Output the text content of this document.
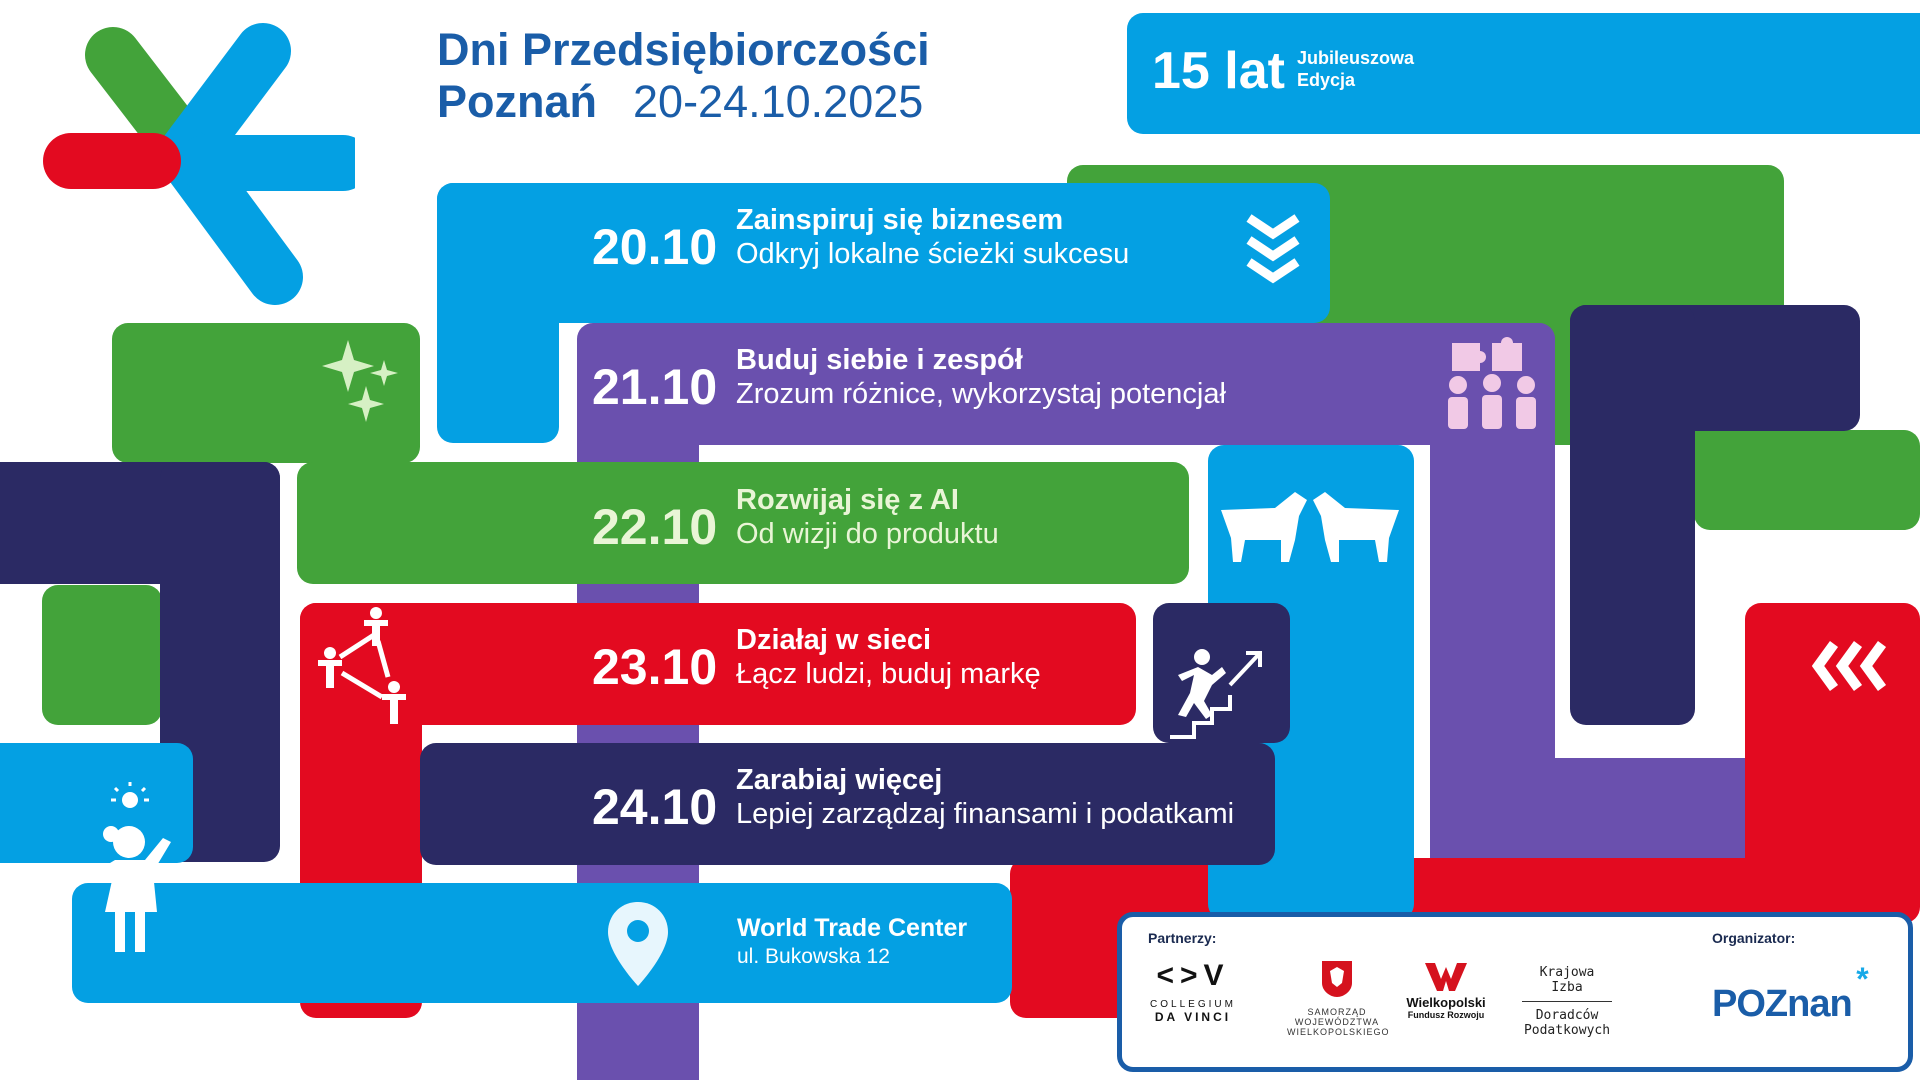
Dni Przedsiębiorczości
Poznań 20-24.10.2025
15 lat Jubileuszowa
Edycja
20.10 Zainspiruj się biznesem
Odkryj lokalne ścieżki sukcesu
21.10 Buduj siebie i zespół
Zrozum różnice, wykorzystaj potencjał
22.10 Rozwijaj się z AI
Od wizji do produktu
23.10 Działaj w sieci
Łącz ludzi, buduj markę
24.10 Zarabiaj więcej
Lepiej zarządzaj finansami i podatkami
World Trade Center
ul. Bukowska 12
Partnerzy:	Organizator:
<>V
COLLEGIUM
DA VINCI	SAMORZĄD
WOJEWÓDZTWA
WIELKOPOLSKIEGO
Wielkopolski
Fundusz Rozwoju
Krajowa
Izba
Doradców
Podatkowych
POZnan
*
